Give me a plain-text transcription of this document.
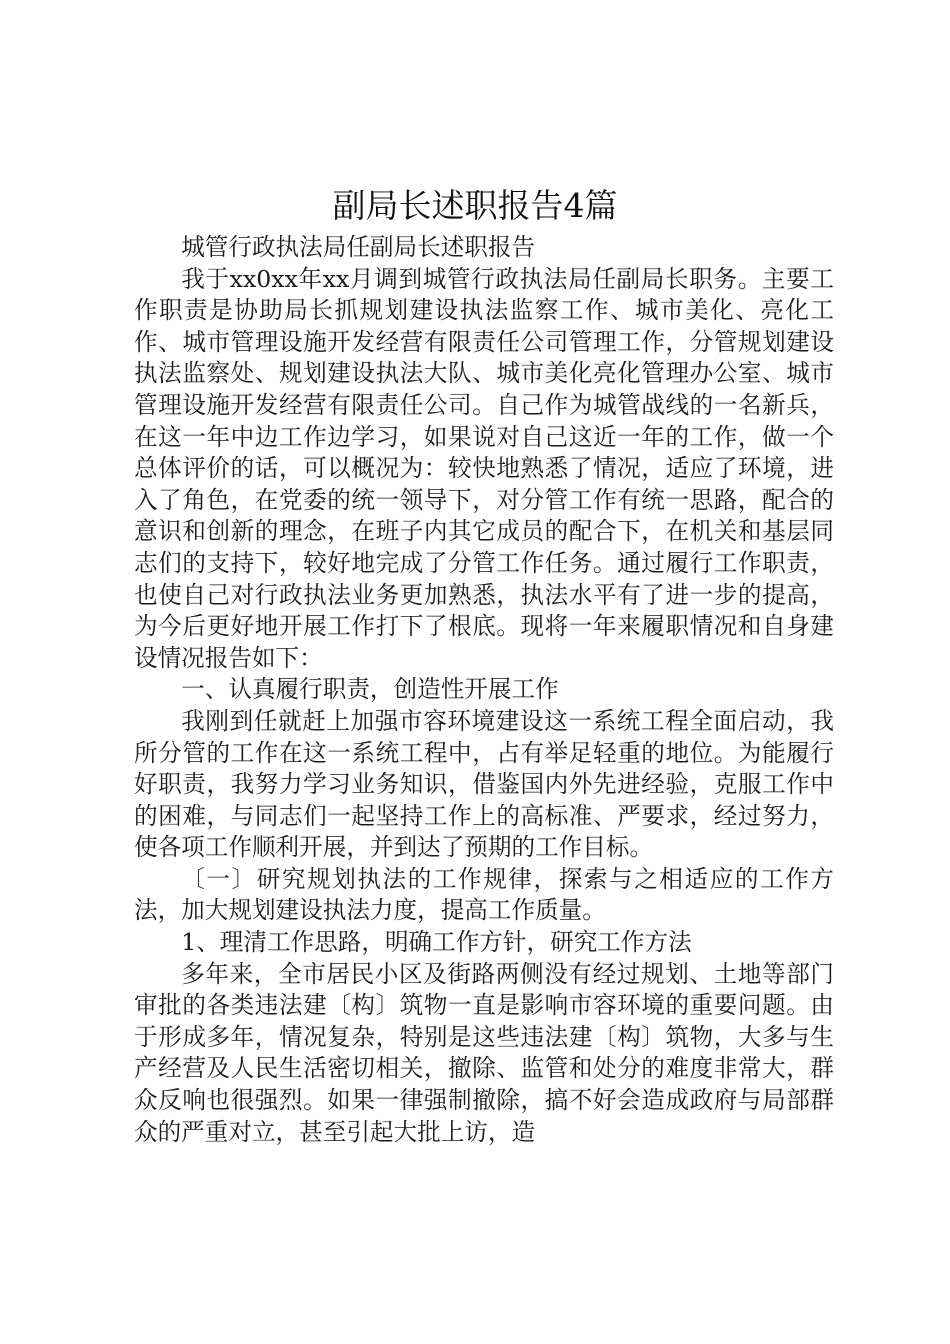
副局长述职报告4篇

城管行政执法局任副局长述职报告

我于xx0xx年xx月调到城管行政执法局任副局长职务。主要工作职责是协助局长抓规划建设执法监察工作、城市美化、亮化工作、城市管理设施开发经营有限责任公司管理工作，分管规划建设执法监察处、规划建设执法大队、城市美化亮化管理办公室、城市管理设施开发经营有限责任公司。自己作为城管战线的一名新兵，在这一年中边工作边学习，如果说对自己这近一年的工作，做一个总体评价的话，可以概况为：较快地熟悉了情况，适应了环境，进入了角色，在党委的统一领导下，对分管工作有统一思路，配合的意识和创新的理念，在班子内其它成员的配合下，在机关和基层同志们的支持下，较好地完成了分管工作任务。通过履行工作职责，也使自己对行政执法业务更加熟悉，执法水平有了进一步的提高，为今后更好地开展工作打下了根底。现将一年来履职情况和自身建设情况报告如下：

一、认真履行职责，创造性开展工作

我刚到任就赶上加强市容环境建设这一系统工程全面启动，我所分管的工作在这一系统工程中，占有举足轻重的地位。为能履行好职责，我努力学习业务知识，借鉴国内外先进经验，克服工作中的困难，与同志们一起坚持工作上的高标准、严要求，经过努力，使各项工作顺利开展，并到达了预期的工作目标。

〔一〕研究规划执法的工作规律，探索与之相适应的工作方法，加大规划建设执法力度，提高工作质量。

1、理清工作思路，明确工作方针，研究工作方法

多年来，全市居民小区及街路两侧没有经过规划、土地等部门审批的各类违法建〔构〕筑物一直是影响市容环境的重要问题。由于形成多年，情况复杂，特别是这些违法建〔构〕筑物，大多与生产经营及人民生活密切相关，撤除、监管和处分的难度非常大，群众反响也很强烈。如果一律强制撤除，搞不好会造成政府与局部群众的严重对立，甚至引起大批上访，造
